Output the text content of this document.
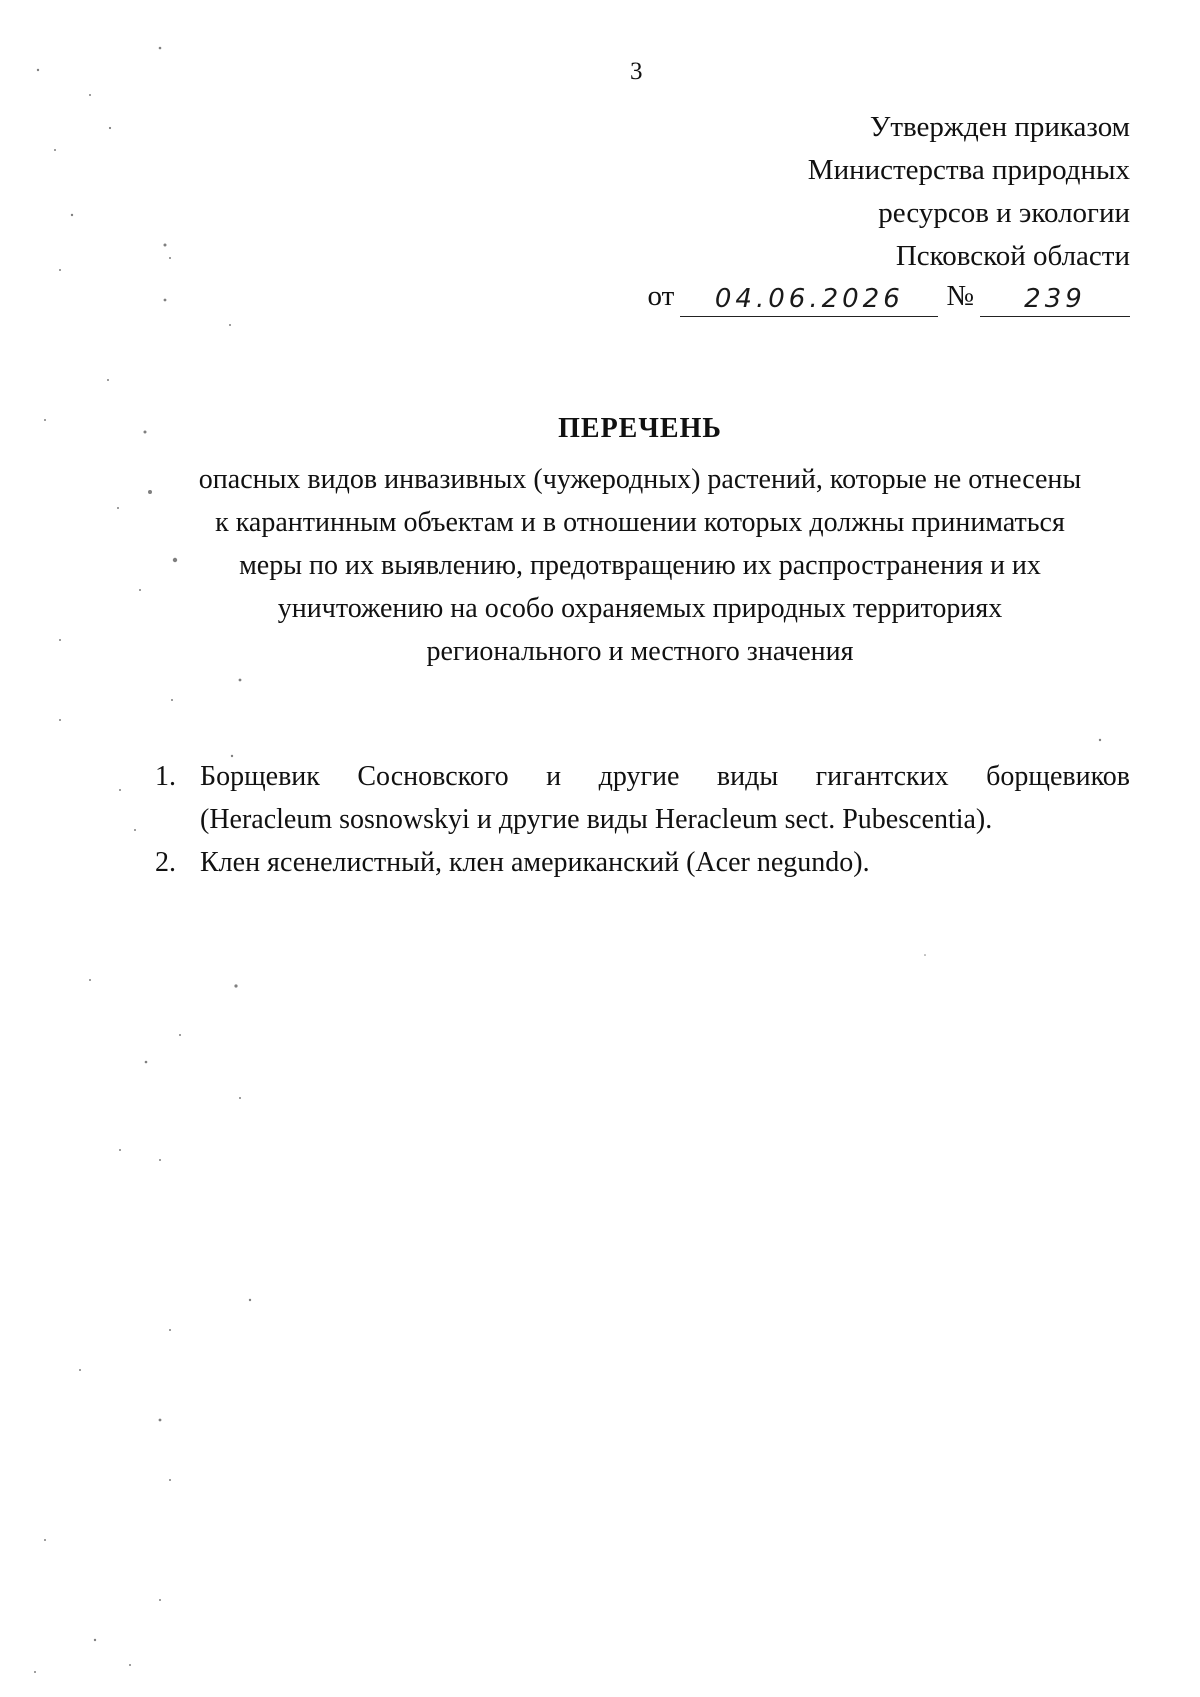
3
Утвержден приказом
Министерства природных
ресурсов и экологии
Псковской области
от	04.06.2026	№	239
ПЕРЕЧЕНЬ
опасных видов инвазивных (чужеродных) растений, которые не отнесены
к карантинным объектам и в отношении которых должны приниматься
меры по их выявлению, предотвращению их распространения и их
уничтожению на особо охраняемых природных территориях
регионального и местного значения
1. Борщевик Сосновского и другие виды гигантских борщевиков
(Heracleum sosnowskyi и другие виды Heracleum sect. Pubescentia).
2. Клен ясенелистный, клен американский (Acer negundo).
